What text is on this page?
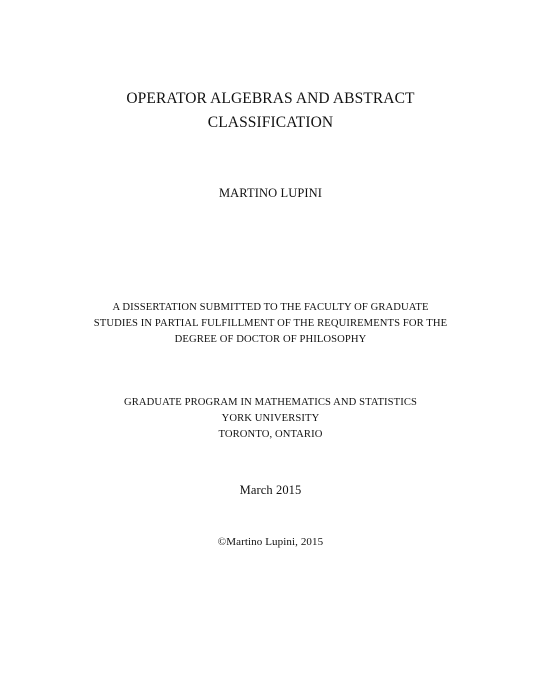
OPERATOR ALGEBRAS AND ABSTRACT
CLASSIFICATION
MARTINO LUPINI
A DISSERTATION SUBMITTED TO THE FACULTY OF GRADUATE
STUDIES IN PARTIAL FULFILLMENT OF THE REQUIREMENTS FOR THE
DEGREE OF DOCTOR OF PHILOSOPHY
GRADUATE PROGRAM IN MATHEMATICS AND STATISTICS
YORK UNIVERSITY
TORONTO, ONTARIO
March 2015
©Martino Lupini, 2015
